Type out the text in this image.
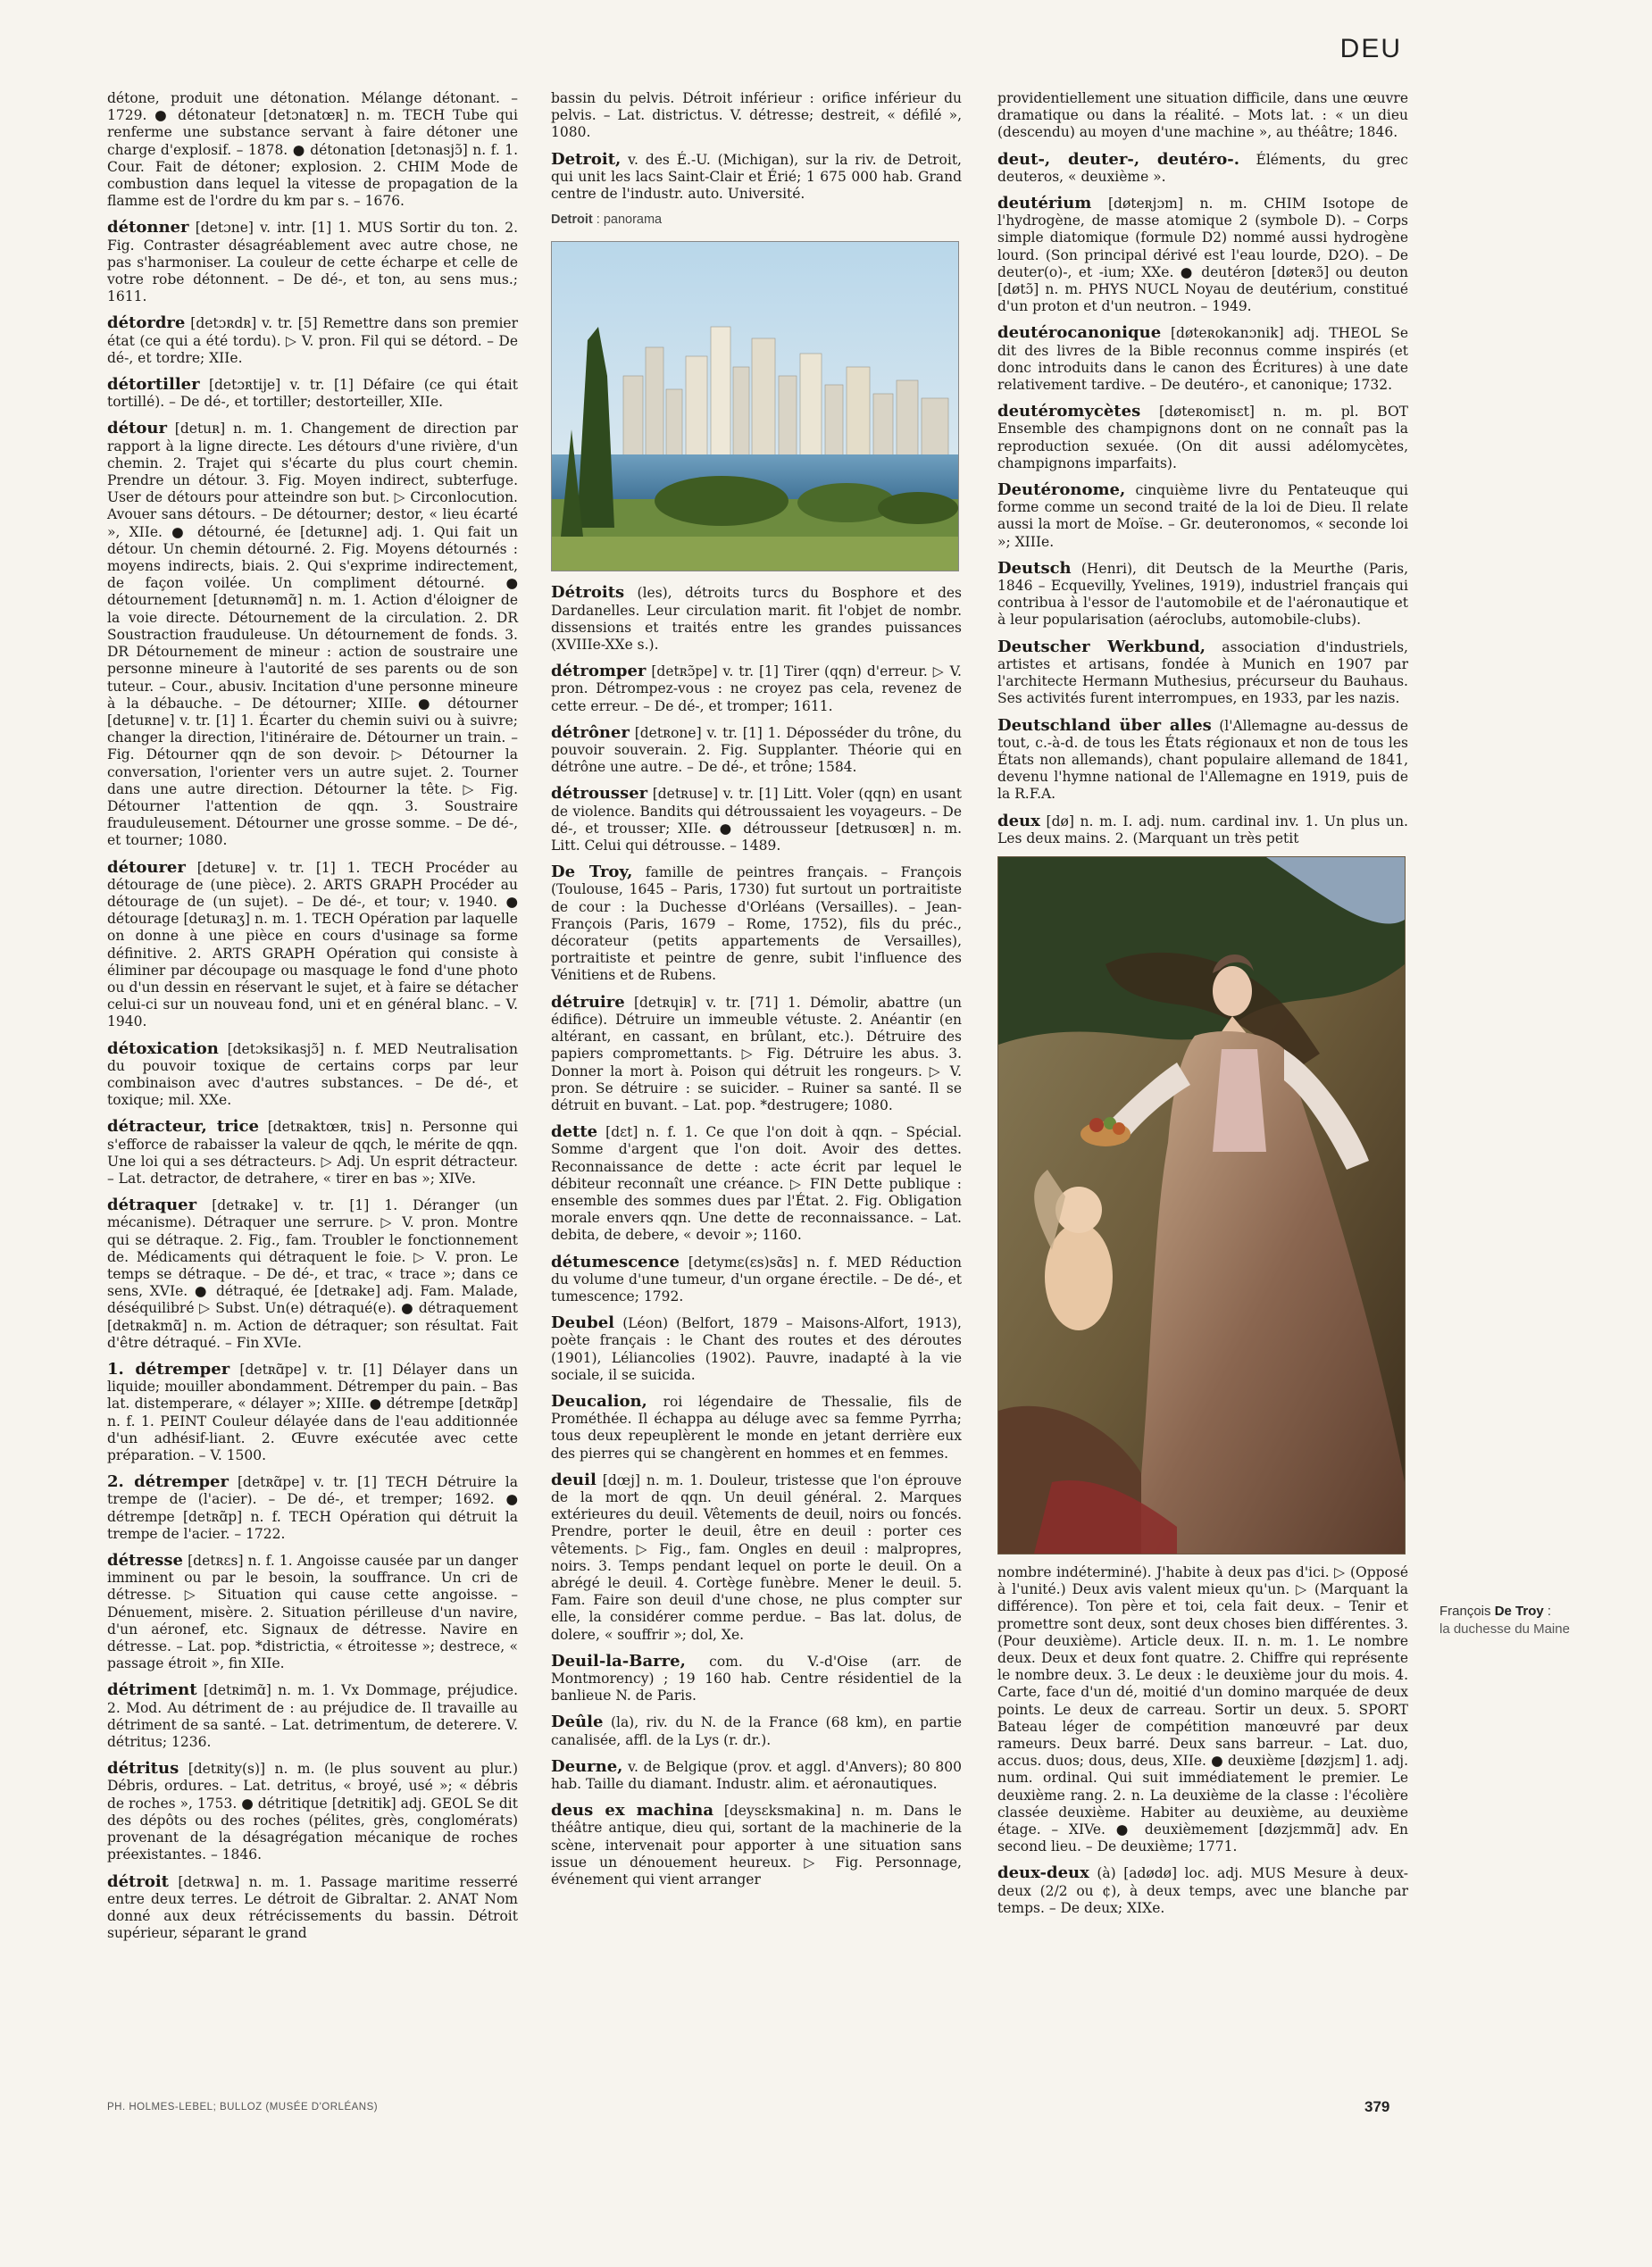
DEU
détone, produit une détonation. Mélange détonant. – 1729. ● détonateur [detɔnatœʀ] n. m. TECH Tube qui renferme une substance servant à faire détoner une charge d'explosif. – 1878. ● détonation [detɔnasjɔ̃] n. f. 1. Cour. Fait de détoner; explosion. 2. CHIM Mode de combustion dans lequel la vitesse de propagation de la flamme est de l'ordre du km par s. – 1676.
détonner [detɔne] v. intr. [1] 1. MUS Sortir du ton. 2. Fig. Contraster désagréablement avec autre chose, ne pas s'harmoniser. La couleur de cette écharpe et celle de votre robe détonnent. – De dé-, et ton, au sens mus.; 1611.
détordre [detɔʀdʀ] v. tr. [5] Remettre dans son premier état (ce qui a été tordu). ▷ V. pron. Fil qui se détord. – De dé-, et tordre; XIIe.
détortiller [detɔʀtije] v. tr. [1] Défaire (ce qui était tortillé). – De dé-, et tortiller; destorteiller, XIIe.
détour [detuʀ] n. m. 1. Changement de direction par rapport à la ligne directe. Les détours d'une rivière, d'un chemin. 2. Trajet qui s'écarte du plus court chemin. Prendre un détour. 3. Fig. Moyen indirect, subterfuge. User de détours pour atteindre son but. ▷ Circonlocution. Avouer sans détours. – De détourner; destor, « lieu écarté », XIIe. ● détourné, ée [detuʀne] adj. 1. Qui fait un détour. Un chemin détourné. 2. Fig. Moyens détournés : moyens indirects, biais. 2. Qui s'exprime indirectement, de façon voilée. Un compliment détourné. ● détournement [detuʀnəmɑ̃] n. m. 1. Action d'éloigner de la voie directe. Détournement de la circulation. 2. DR Soustraction frauduleuse. Un détournement de fonds. 3. DR Détournement de mineur : action de soustraire une personne mineure à l'autorité de ses parents ou de son tuteur. – Cour., abusiv. Incitation d'une personne mineure à la débauche. – De détourner; XIIIe. ● détourner [detuʀne] v. tr. [1] 1. Écarter du chemin suivi ou à suivre; changer la direction, l'itinéraire de. Détourner un train. – Fig. Détourner qqn de son devoir. ▷ Détourner la conversation, l'orienter vers un autre sujet. 2. Tourner dans une autre direction. Détourner la tête. ▷ Fig. Détourner l'attention de qqn. 3. Soustraire frauduleusement. Détourner une grosse somme. – De dé-, et tourner; 1080.
détourer [detuʀe] v. tr. [1] 1. TECH Procéder au détourage de (une pièce). 2. ARTS GRAPH Procéder au détourage de (un sujet). – De dé-, et tour; v. 1940. ● détourage [detuʀaʒ] n. m. 1. TECH Opération par laquelle on donne à une pièce en cours d'usinage sa forme définitive. 2. ARTS GRAPH Opération qui consiste à éliminer par découpage ou masquage le fond d'une photo ou d'un dessin en réservant le sujet, et à faire se détacher celui-ci sur un nouveau fond, uni et en général blanc. – V. 1940.
détoxication [detɔksikasjɔ̃] n. f. MED Neutralisation du pouvoir toxique de certains corps par leur combinaison avec d'autres substances. – De dé-, et toxique; mil. XXe.
détracteur, trice [detʀaktœʀ, tʀis] n. Personne qui s'efforce de rabaisser la valeur de qqch, le mérite de qqn. Une loi qui a ses détracteurs. ▷ Adj. Un esprit détracteur. – Lat. detractor, de detrahere, « tirer en bas »; XIVe.
détraquer [detʀake] v. tr. [1] 1. Déranger (un mécanisme). Détraquer une serrure. ▷ V. pron. Montre qui se détraque. 2. Fig., fam. Troubler le fonctionnement de. Médicaments qui détraquent le foie. ▷ V. pron. Le temps se détraque. – De dé-, et trac, « trace »; dans ce sens, XVIe. ● détraqué, ée [detʀake] adj. Fam. Malade, déséquilibré ▷ Subst. Un(e) détraqué(e). ● détraquement [detʀakmɑ̃] n. m. Action de détraquer; son résultat. Fait d'être détraqué. – Fin XVIe.
1. détremper [detʀɑ̃pe] v. tr. [1] Délayer dans un liquide; mouiller abondamment. Détremper du pain. – Bas lat. distemperare, « délayer »; XIIIe. ● détrempe [detʀɑ̃p] n. f. 1. PEINT Couleur délayée dans de l'eau additionnée d'un adhésif-liant. 2. Œuvre exécutée avec cette préparation. – V. 1500.
2. détremper [detʀɑ̃pe] v. tr. [1] TECH Détruire la trempe de (l'acier). – De dé-, et tremper; 1692. ● détrempe [detʀɑ̃p] n. f. TECH Opération qui détruit la trempe de l'acier. – 1722.
détresse [detʀɛs] n. f. 1. Angoisse causée par un danger imminent ou par le besoin, la souffrance. Un cri de détresse. ▷ Situation qui cause cette angoisse. – Dénuement, misère. 2. Situation périlleuse d'un navire, d'un aéronef, etc. Signaux de détresse. Navire en détresse. – Lat. pop. *districtia, « étroitesse »; destrece, « passage étroit », fin XIIe.
détriment [detʀimɑ̃] n. m. 1. Vx Dommage, préjudice. 2. Mod. Au détriment de : au préjudice de. Il travaille au détriment de sa santé. – Lat. detrimentum, de deterere. V. détritus; 1236.
détritus [detʀity(s)] n. m. (le plus souvent au plur.) Débris, ordures. – Lat. detritus, « broyé, usé »; « débris de roches », 1753. ● détritique [detʀitik] adj. GEOL Se dit des dépôts ou des roches (pélites, grès, conglomérats) provenant de la désagrégation mécanique de roches préexistantes. – 1846.
détroit [detʀwa] n. m. 1. Passage maritime resserré entre deux terres. Le détroit de Gibraltar. 2. ANAT Nom donné aux deux rétrécissements du bassin. Détroit supérieur, séparant le grand
bassin du pelvis. Détroit inférieur : orifice inférieur du pelvis. – Lat. districtus. V. détresse; destreit, « défilé », 1080.
Detroit, v. des É.-U. (Michigan), sur la riv. de Detroit, qui unit les lacs Saint-Clair et Érié; 1 675 000 hab. Grand centre de l'industr. auto. Université.
Detroit : panorama
Détroits (les), détroits turcs du Bosphore et des Dardanelles. Leur circulation marit. fit l'objet de nombr. dissensions et traités entre les grandes puissances (XVIIIe-XXe s.).
détromper [detʀɔ̃pe] v. tr. [1] Tirer (qqn) d'erreur. ▷ V. pron. Détrompez-vous : ne croyez pas cela, revenez de cette erreur. – De dé-, et tromper; 1611.
détrôner [detʀone] v. tr. [1] 1. Déposséder du trône, du pouvoir souverain. 2. Fig. Supplanter. Théorie qui en détrône une autre. – De dé-, et trône; 1584.
détrousser [detʀuse] v. tr. [1] Litt. Voler (qqn) en usant de violence. Bandits qui détroussaient les voyageurs. – De dé-, et trousser; XIIe. ● détrousseur [detʀusœʀ] n. m. Litt. Celui qui détrousse. – 1489.
De Troy, famille de peintres français. – François (Toulouse, 1645 – Paris, 1730) fut surtout un portraitiste de cour : la Duchesse d'Orléans (Versailles). – Jean-François (Paris, 1679 – Rome, 1752), fils du préc., décorateur (petits appartements de Versailles), portraitiste et peintre de genre, subit l'influence des Vénitiens et de Rubens.
détruire [detʀɥiʀ] v. tr. [71] 1. Démolir, abattre (un édifice). Détruire un immeuble vétuste. 2. Anéantir (en altérant, en cassant, en brûlant, etc.). Détruire des papiers compromettants. ▷ Fig. Détruire les abus. 3. Donner la mort à. Poison qui détruit les rongeurs. ▷ V. pron. Se détruire : se suicider. – Ruiner sa santé. Il se détruit en buvant. – Lat. pop. *destrugere; 1080.
dette [dɛt] n. f. 1. Ce que l'on doit à qqn. – Spécial. Somme d'argent que l'on doit. Avoir des dettes. Reconnaissance de dette : acte écrit par lequel le débiteur reconnaît une créance. ▷ FIN Dette publique : ensemble des sommes dues par l'État. 2. Fig. Obligation morale envers qqn. Une dette de reconnaissance. – Lat. debita, de debere, « devoir »; 1160.
détumescence [detymɛ(ɛs)sɑ̃s] n. f. MED Réduction du volume d'une tumeur, d'un organe érectile. – De dé-, et tumescence; 1792.
Deubel (Léon) (Belfort, 1879 – Maisons-Alfort, 1913), poète français : le Chant des routes et des déroutes (1901), Léliancolies (1902). Pauvre, inadapté à la vie sociale, il se suicida.
Deucalion, roi légendaire de Thessalie, fils de Prométhée. Il échappa au déluge avec sa femme Pyrrha; tous deux repeuplèrent le monde en jetant derrière eux des pierres qui se changèrent en hommes et en femmes.
deuil [dœj] n. m. 1. Douleur, tristesse que l'on éprouve de la mort de qqn. Un deuil général. 2. Marques extérieures du deuil. Vêtements de deuil, noirs ou foncés. Prendre, porter le deuil, être en deuil : porter ces vêtements. ▷ Fig., fam. Ongles en deuil : malpropres, noirs. 3. Temps pendant lequel on porte le deuil. On a abrégé le deuil. 4. Cortège funèbre. Mener le deuil. 5. Fam. Faire son deuil d'une chose, ne plus compter sur elle, la considérer comme perdue. – Bas lat. dolus, de dolere, « souffrir »; dol, Xe.
Deuil-la-Barre, com. du V.-d'Oise (arr. de Montmorency) ; 19 160 hab. Centre résidentiel de la banlieue N. de Paris.
Deûle (la), riv. du N. de la France (68 km), en partie canalisée, affl. de la Lys (r. dr.).
Deurne, v. de Belgique (prov. et aggl. d'Anvers); 80 800 hab. Taille du diamant. Industr. alim. et aéronautiques.
deus ex machina [deysɛksmakina] n. m. Dans le théâtre antique, dieu qui, sortant de la machinerie de la scène, intervenait pour apporter à une situation sans issue un dénouement heureux. ▷ Fig. Personnage, événement qui vient arranger
providentiellement une situation difficile, dans une œuvre dramatique ou dans la réalité. – Mots lat. : « un dieu (descendu) au moyen d'une machine », au théâtre; 1846.
deut-, deuter-, deutéro-. Éléments, du grec deuteros, « deuxième ».
deutérium [døteʀjɔm] n. m. CHIM Isotope de l'hydrogène, de masse atomique 2 (symbole D). – Corps simple diatomique (formule D2) nommé aussi hydrogène lourd. (Son principal dérivé est l'eau lourde, D2O). – De deuter(o)-, et -ium; XXe. ● deutéron [døteʀɔ̃] ou deuton [døtɔ̃] n. m. PHYS NUCL Noyau de deutérium, constitué d'un proton et d'un neutron. – 1949.
deutérocanonique [døteʀokanɔnik] adj. THEOL Se dit des livres de la Bible reconnus comme inspirés (et donc introduits dans le canon des Écritures) à une date relativement tardive. – De deutéro-, et canonique; 1732.
deutéromycètes [døteʀomisɛt] n. m. pl. BOT Ensemble des champignons dont on ne connaît pas la reproduction sexuée. (On dit aussi adélomycètes, champignons imparfaits).
Deutéronome, cinquième livre du Pentateuque qui forme comme un second traité de la loi de Dieu. Il relate aussi la mort de Moïse. – Gr. deuteronomos, « seconde loi »; XIIIe.
Deutsch (Henri), dit Deutsch de la Meurthe (Paris, 1846 – Ecquevilly, Yvelines, 1919), industriel français qui contribua à l'essor de l'automobile et de l'aéronautique et à leur popularisation (aéroclubs, automobile-clubs).
Deutscher Werkbund, association d'industriels, artistes et artisans, fondée à Munich en 1907 par l'architecte Hermann Muthesius, précurseur du Bauhaus. Ses activités furent interrompues, en 1933, par les nazis.
Deutschland über alles (l'Allemagne au-dessus de tout, c.-à-d. de tous les États régionaux et non de tous les États non allemands), chant populaire allemand de 1841, devenu l'hymne national de l'Allemagne en 1919, puis de la R.F.A.
deux [dø] n. m. I. adj. num. cardinal inv. 1. Un plus un. Les deux mains. 2. (Marquant un très petit
nombre indéterminé). J'habite à deux pas d'ici. ▷ (Opposé à l'unité.) Deux avis valent mieux qu'un. ▷ (Marquant la différence). Ton père et toi, cela fait deux. – Tenir et promettre sont deux, sont deux choses bien différentes. 3. (Pour deuxième). Article deux. II. n. m. 1. Le nombre deux. Deux et deux font quatre. 2. Chiffre qui représente le nombre deux. 3. Le deux : le deuxième jour du mois. 4. Carte, face d'un dé, moitié d'un domino marquée de deux points. Le deux de carreau. Sortir un deux. 5. SPORT Bateau léger de compétition manœuvré par deux rameurs. Deux barré. Deux sans barreur. – Lat. duo, accus. duos; dous, deus, XIIe. ● deuxième [døzjɛm] 1. adj. num. ordinal. Qui suit immédiatement le premier. Le deuxième rang. 2. n. La deuxième de la classe : l'écolière classée deuxième. Habiter au deuxième, au deuxième étage. – XIVe. ● deuxièmement [døzjɛmmɑ̃] adv. En second lieu. – De deuxième; 1771.
deux-deux (à) [adødø] loc. adj. MUS Mesure à deux-deux (2/2 ou ¢), à deux temps, avec une blanche par temps. – De deux; XIXe.
François De Troy :
la duchesse du Maine
PH. HOLMES-LEBEL; BULLOZ (MUSÉE D'ORLÉANS)	379
